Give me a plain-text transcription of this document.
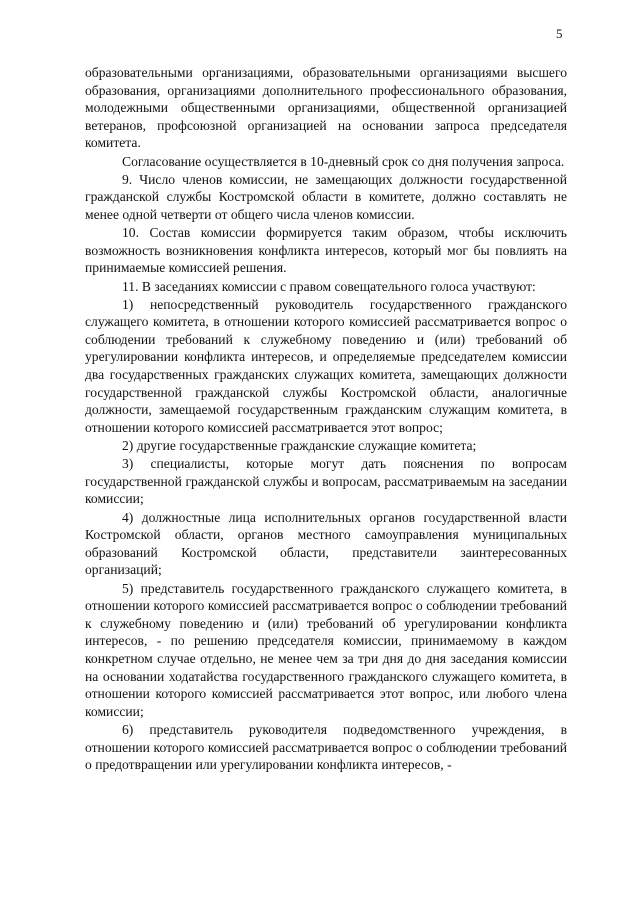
5

образовательными организациями, образовательными организациями высшего образования, организациями дополнительного профессионального образования, молодежными общественными организациями, общественной организацией ветеранов, профсоюзной организацией на основании запроса председателя комитета.

Согласование осуществляется в 10-дневный срок со дня получения запроса.

9. Число членов комиссии, не замещающих должности государственной гражданской службы Костромской области в комитете, должно составлять не менее одной четверти от общего числа членов комиссии.

10. Состав комиссии формируется таким образом, чтобы исключить возможность возникновения конфликта интересов, который мог бы повлиять на принимаемые комиссией решения.

11. В заседаниях комиссии с правом совещательного голоса участвуют:

1) непосредственный руководитель государственного гражданского служащего комитета, в отношении которого комиссией рассматривается вопрос о соблюдении требований к служебному поведению и (или) требований об урегулировании конфликта интересов, и определяемые председателем комиссии два государственных гражданских служащих комитета, замещающих должности государственной гражданской службы Костромской области, аналогичные должности, замещаемой государственным гражданским служащим комитета, в отношении которого комиссией рассматривается этот вопрос;

2) другие государственные гражданские служащие комитета;

3) специалисты, которые могут дать пояснения по вопросам государственной гражданской службы и вопросам, рассматриваемым на заседании комиссии;

4) должностные лица исполнительных органов государственной власти Костромской области, органов местного самоуправления муниципальных образований Костромской области, представители заинтересованных организаций;

5) представитель государственного гражданского служащего комитета, в отношении которого комиссией рассматривается вопрос о соблюдении требований к служебному поведению и (или) требований об урегулировании конфликта интересов, - по решению председателя комиссии, принимаемому в каждом конкретном случае отдельно, не менее чем за три дня до дня заседания комиссии на основании ходатайства государственного гражданского служащего комитета, в отношении которого комиссией рассматривается этот вопрос, или любого члена комиссии;

6) представитель руководителя подведомственного учреждения, в отношении которого комиссией рассматривается вопрос о соблюдении требований о предотвращении или урегулировании конфликта интересов, -
